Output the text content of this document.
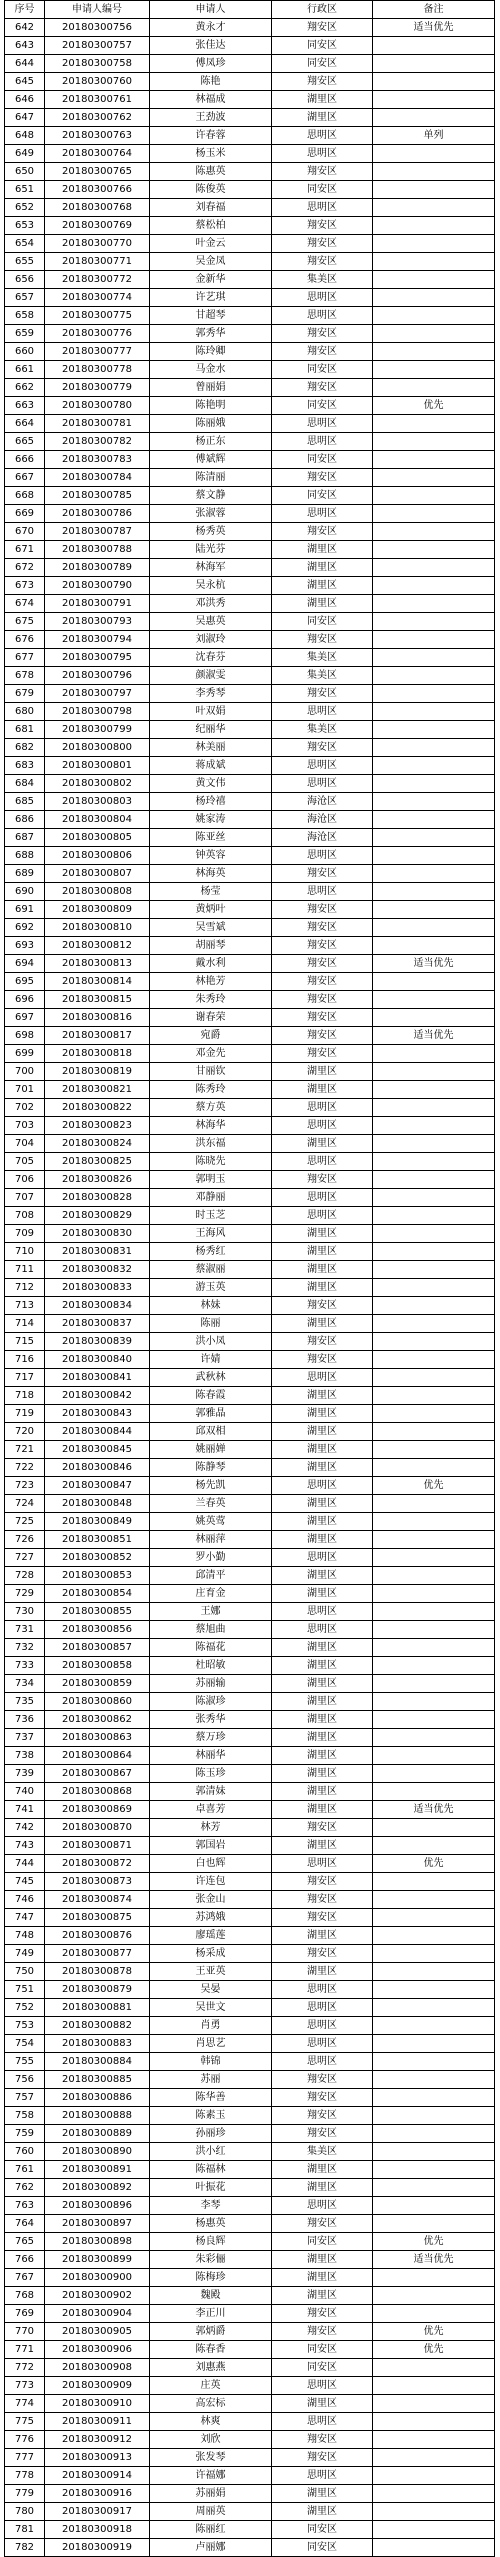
序号	申请人编号	申请人	行政区	备注
642	20180300756	黄永才	翔安区	适当优先
643	20180300757	张佳达	同安区	
644	20180300758	傅凤珍	同安区	
645	20180300760	陈艳	翔安区	
646	20180300761	林福成	湖里区	
647	20180300762	王劲波	湖里区	
648	20180300763	许春蓉	思明区	单列
649	20180300764	杨玉米	思明区	
650	20180300765	陈惠英	翔安区	
651	20180300766	陈俊英	同安区	
652	20180300768	刘春福	思明区	
653	20180300769	蔡松柏	翔安区	
654	20180300770	叶金云	翔安区	
655	20180300771	吴金凤	翔安区	
656	20180300772	金新华	集美区	
657	20180300774	许艺琪	思明区	
658	20180300775	甘超琴	思明区	
659	20180300776	郭秀华	翔安区	
660	20180300777	陈玲卿	翔安区	
661	20180300778	马金水	同安区	
662	20180300779	曾丽娟	翔安区	
663	20180300780	陈艳明	同安区	优先
664	20180300781	陈丽娥	思明区	
665	20180300782	杨正东	思明区	
666	20180300783	傅斌辉	同安区	
667	20180300784	陈清丽	翔安区	
668	20180300785	蔡文静	同安区	
669	20180300786	张淑蓉	思明区	
670	20180300787	杨秀英	翔安区	
671	20180300788	陆光芬	湖里区	
672	20180300789	林海军	湖里区	
673	20180300790	吴永杭	湖里区	
674	20180300791	邓洪秀	湖里区	
675	20180300793	吴惠英	同安区	
676	20180300794	刘淑玲	翔安区	
677	20180300795	沈春芬	集美区	
678	20180300796	颜淑雯	集美区	
679	20180300797	李秀琴	翔安区	
680	20180300798	叶双娟	思明区	
681	20180300799	纪丽华	集美区	
682	20180300800	林美丽	翔安区	
683	20180300801	蒋成斌	思明区	
684	20180300802	黄文伟	思明区	
685	20180300803	杨玲禧	海沧区	
686	20180300804	姚家涛	海沧区	
687	20180300805	陈亚丝	海沧区	
688	20180300806	钟英容	思明区	
689	20180300807	林海英	翔安区	
690	20180300808	杨莹	思明区	
691	20180300809	黄炳叶	翔安区	
692	20180300810	吴雪斌	翔安区	
693	20180300812	胡丽琴	翔安区	
694	20180300813	戴水利	翔安区	适当优先
695	20180300814	林艳芳	翔安区	
696	20180300815	朱秀玲	翔安区	
697	20180300816	谢春荣	翔安区	
698	20180300817	宛爵	翔安区	适当优先
699	20180300818	邓金先	翔安区	
700	20180300819	甘丽钦	湖里区	
701	20180300821	陈秀玲	湖里区	
702	20180300822	蔡方英	思明区	
703	20180300823	林海华	思明区	
704	20180300824	洪东福	湖里区	
705	20180300825	陈晓先	思明区	
706	20180300826	郭明玉	翔安区	
707	20180300828	邓静丽	思明区	
708	20180300829	时玉芝	思明区	
709	20180300830	王海风	湖里区	
710	20180300831	杨秀红	湖里区	
711	20180300832	蔡淑丽	湖里区	
712	20180300833	游玉英	湖里区	
713	20180300834	林妹	翔安区	
714	20180300837	陈丽	湖里区	
715	20180300839	洪小凤	翔安区	
716	20180300840	许婧	翔安区	
717	20180300841	武秋林	思明区	
718	20180300842	陈春霞	湖里区	
719	20180300843	郭雅晶	湖里区	
720	20180300844	邱双相	湖里区	
721	20180300845	姚丽婵	湖里区	
722	20180300846	陈静琴	湖里区	
723	20180300847	杨先凯	思明区	优先
724	20180300848	兰春英	湖里区	
725	20180300849	姚英莺	湖里区	
726	20180300851	林丽萍	湖里区	
727	20180300852	罗小勤	思明区	
728	20180300853	邱清平	湖里区	
729	20180300854	庄育金	湖里区	
730	20180300855	王娜	思明区	
731	20180300856	蔡旭曲	思明区	
732	20180300857	陈福花	湖里区	
733	20180300858	杜昭敏	湖里区	
734	20180300859	苏丽输	湖里区	
735	20180300860	陈淑珍	湖里区	
736	20180300862	张秀华	湖里区	
737	20180300863	蔡万珍	湖里区	
738	20180300864	林丽华	湖里区	
739	20180300867	陈玉珍	湖里区	
740	20180300868	郭清妹	湖里区	
741	20180300869	卓喜芳	湖里区	适当优先
742	20180300870	林芳	翔安区	
743	20180300871	郭国岩	湖里区	
744	20180300872	白也辉	思明区	优先
745	20180300873	许连包	翔安区	
746	20180300874	张金山	翔安区	
747	20180300875	苏鸿娥	翔安区	
748	20180300876	廖瑶莲	湖里区	
749	20180300877	杨采成	翔安区	
750	20180300878	王亚英	湖里区	
751	20180300879	吴晏	思明区	
752	20180300881	吴世文	思明区	
753	20180300882	肖勇	思明区	
754	20180300883	肖思艺	思明区	
755	20180300884	韩锦	思明区	
756	20180300885	苏丽	翔安区	
757	20180300886	陈华善	翔安区	
758	20180300888	陈素玉	翔安区	
759	20180300889	孙丽珍	翔安区	
760	20180300890	洪小红	集美区	
761	20180300891	陈福林	湖里区	
762	20180300892	叶振花	湖里区	
763	20180300896	李琴	思明区	
764	20180300897	杨惠英	翔安区	
765	20180300898	杨良辉	同安区	优先
766	20180300899	朱彩俪	湖里区	适当优先
767	20180300900	陈梅珍	湖里区	
768	20180300902	魏殿	湖里区	
769	20180300904	李正川	翔安区	
770	20180300905	郭炳爵	翔安区	优先
771	20180300906	陈春香	同安区	优先
772	20180300908	刘惠燕	同安区	
773	20180300909	庄英	思明区	
774	20180300910	高宏标	湖里区	
775	20180300911	林爽	思明区	
776	20180300912	刘欣	翔安区	
777	20180300913	张发琴	翔安区	
778	20180300914	许福娜	思明区	
779	20180300916	苏丽娟	湖里区	
780	20180300917	周丽英	湖里区	
781	20180300918	陈丽红	同安区	
782	20180300919	卢丽娜	同安区	
